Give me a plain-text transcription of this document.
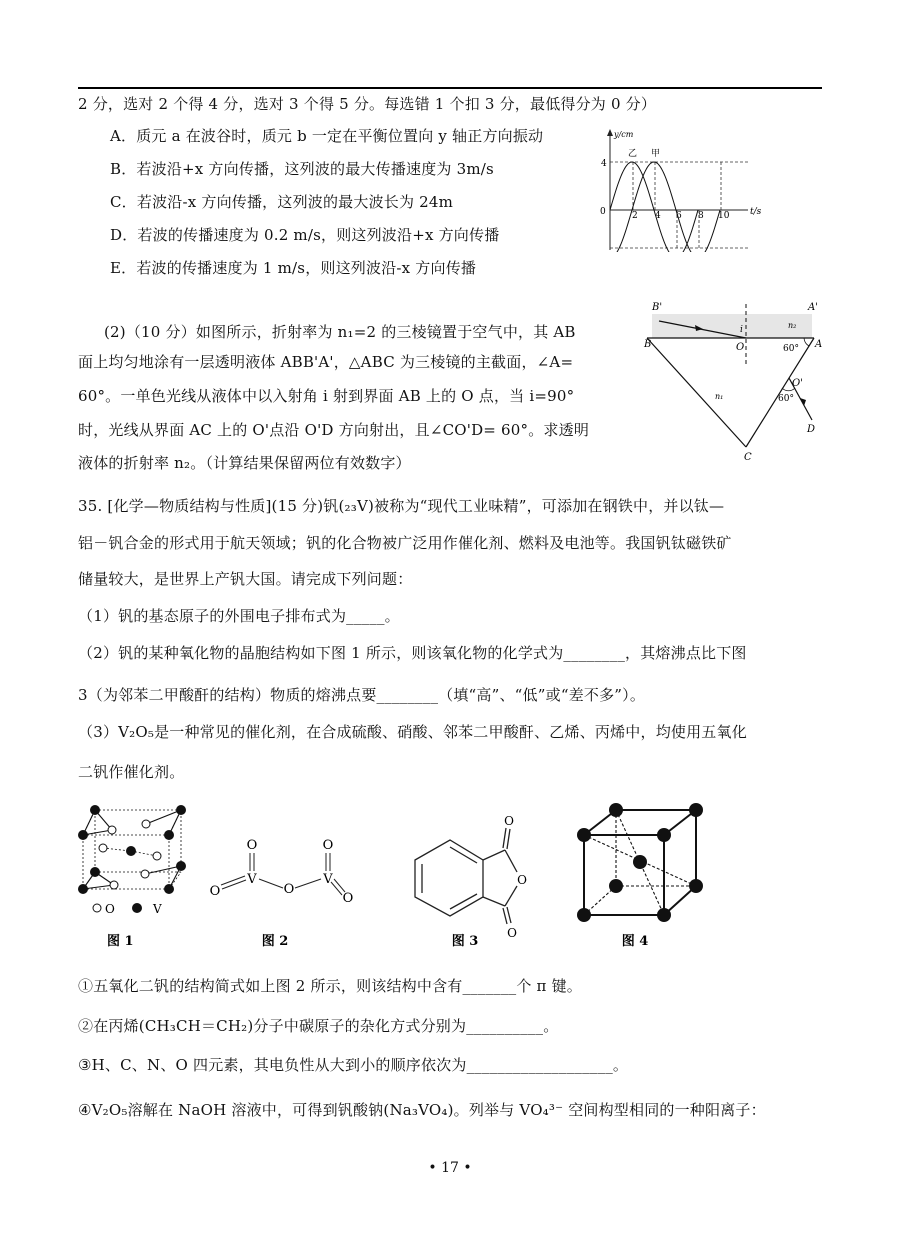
2 分，选对 2 个得 4 分，选对 3 个得 5 分。每选错 1 个扣 3 分，最低得分为 0 分）
A．质元 a 在波谷时，质元 b 一定在平衡位置向 y 轴正方向振动
B．若波沿+x 方向传播，这列波的最大传播速度为 3m/s
C．若波沿-x 方向传播，这列波的最大波长为 24m
D．若波的传播速度为 0.2 m/s，则这列波沿+x 方向传播
E．若波的传播速度为 1 m/s，则这列波沿-x 方向传播
y/cm
t/s
0
4
2 4 6 8 10
乙 甲
(2)（10 分）如图所示，折射率为 n₁=2 的三棱镜置于空气中，其 AB
面上均匀地涂有一层透明液体 ABB'A'，△ABC 为三棱镜的主截面，∠A=
60°。一单色光线从液体中以入射角 i 射到界面 AB 上的 O 点，当 i=90°
时，光线从界面 AC 上的 O'点沿 O'D 方向射出，且∠CO'D= 60°。求透明
液体的折射率 n₂。（计算结果保留两位有效数字）
B'	A'
B	A
O
i	n₂
n₁
60°
O'
60°
C
D
35. [化学—物质结构与性质](15 分)钒(₂₃V)被称为“现代工业味精”，可添加在钢铁中，并以钛—
铝－钒合金的形式用于航天领域；钒的化合物被广泛用作催化剂、燃料及电池等。我国钒钛磁铁矿
储量较大，是世界上产钒大国。请完成下列问题：
（1）钒的基态原子的外围电子排布式为_____。
（2）钒的某种氧化物的晶胞结构如下图 1 所示，则该氧化物的化学式为________，其熔沸点比下图
3（为邻苯二甲酸酐的结构）物质的熔沸点要________（填“高”、“低”或“差不多”）。
（3）V₂O₅是一种常见的催化剂，在合成硫酸、硝酸、邻苯二甲酸酐、乙烯、丙烯中，均使用五氧化
二钒作催化剂。
O	V
图 1
O
V
O	O
O
V
O
图 2
O
O
O
图 3	图 4
①五氧化二钒的结构简式如上图 2 所示，则该结构中含有_______个 π 键。
②在丙烯(CH₃CH＝CH₂)分子中碳原子的杂化方式分别为__________。
③H、C、N、O 四元素，其电负性从大到小的顺序依次为___________________。
④V₂O₅溶解在 NaOH 溶液中，可得到钒酸钠(Na₃VO₄)。列举与 VO₄³⁻ 空间构型相同的一种阳离子：
• 17 •
